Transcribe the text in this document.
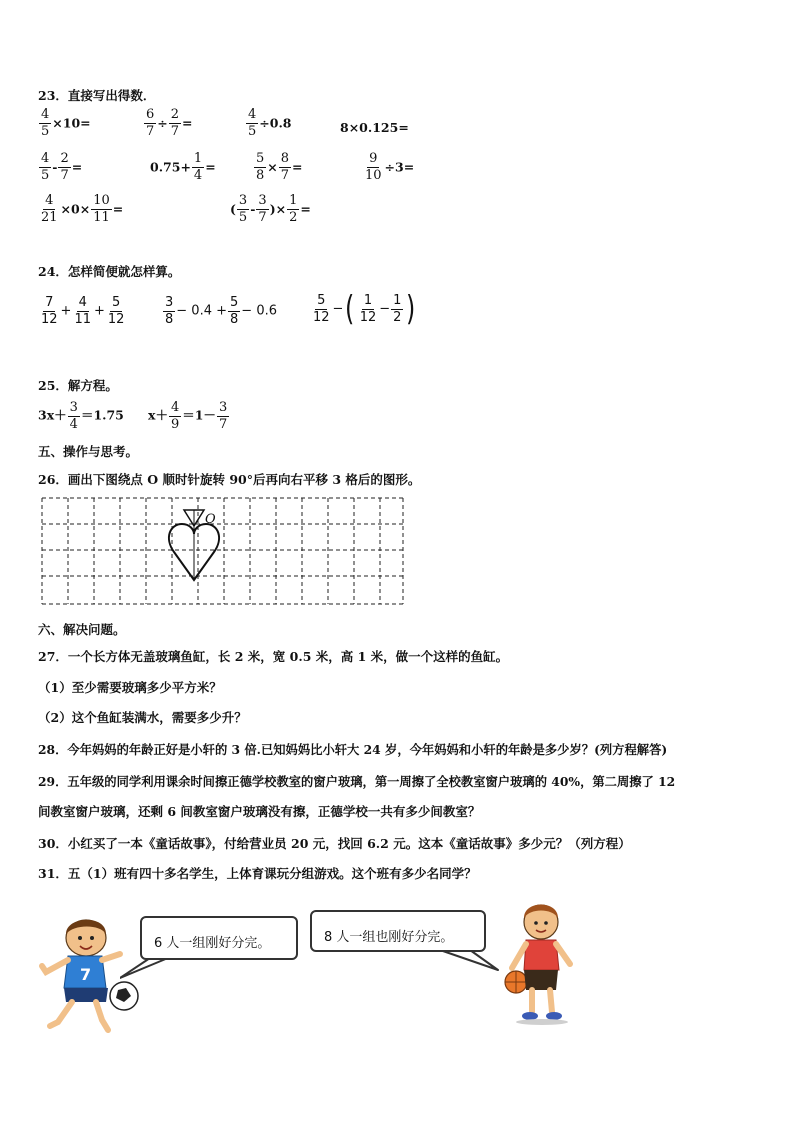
23．直接写出得数．
$\frac{4}{5} \times 10=$	$\frac{6}{7} \div \frac{2}{7}$ =	$\frac{4}{5} \div 0.8$	8×0.125=
$\frac{4}{5} - \frac{2}{7}$ =	$0.75+ \frac{1}{4}$ =	$\frac{5}{8} \times \frac{8}{7}$ =	$\frac{9}{10} \div 3=$
$\frac{4}{21} \times 0\times \frac{10}{11}$ =	( $\frac{3}{5} - \frac{3}{7}$ )× $\frac{1}{2}$ =
24．怎样简便就怎样算。
$\frac{7}{12} + \frac{4}{11} + \frac{5}{12}$	$\frac{3}{8} - 0.4 + \frac{5}{8} - 0.6$	$\frac{5}{12}$ −( $\frac{1}{12} - \frac{1}{2}$ )
25．解方程。
$3x+ \frac{3}{4} =1.75$ $x+ \frac{4}{9} =1- \frac{3}{7}$
五、操作与思考。
26．画出下图绕点 O 顺时针旋转 90°后再向右平移 3 格后的图形。
O
六、解决问题。
27．一个长方体无盖玻璃鱼缸，长 2 米，宽 0.5 米，高 1 米，做一个这样的鱼缸。
（1）至少需要玻璃多少平方米？
（2）这个鱼缸装满水，需要多少升？
28．今年妈妈的年龄正好是小轩的 3 倍.已知妈妈比小轩大 24 岁，今年妈妈和小轩的年龄是多少岁？(列方程解答)
29．五年级的同学利用课余时间擦正德学校教室的窗户玻璃，第一周擦了全校教室窗户玻璃的 40%，第二周擦了 12
间教室窗户玻璃，还剩 6 间教室窗户玻璃没有擦，正德学校一共有多少间教室？
30．小红买了一本《童话故事》，付给营业员 20 元，找回 6.2 元。这本《童话故事》多少元？（列方程）
31．五（1）班有四十多名学生，上体育课玩分组游戏。这个班有多少名同学？
6 人一组刚好分完。	8 人一组也刚好分完。
7
